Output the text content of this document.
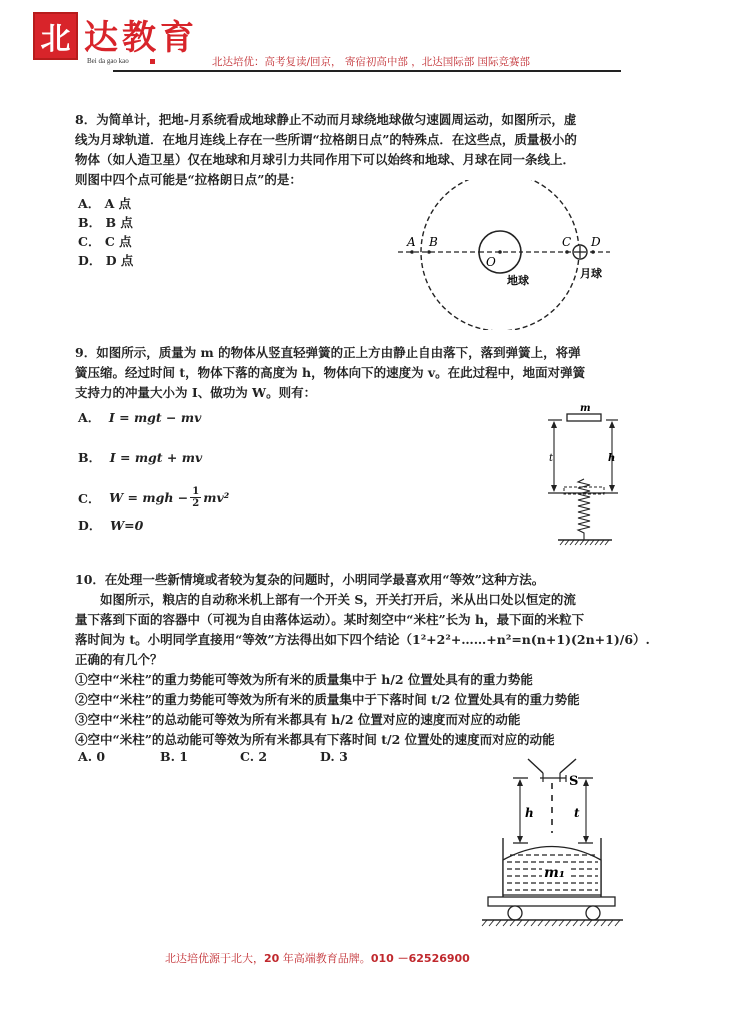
北 达教育
Bei da gao kao	北达培优：高考复读/回京， 寄宿初高中部 ，北达国际部 国际竞赛部
8．为简单计，把地-月系统看成地球静止不动而月球绕地球做匀速圆周运动，如图所示，虚
线为月球轨道．在地月连线上存在一些所谓“拉格朗日点”的特殊点．在这些点，质量极小的
物体（如人造卫星）仅在地球和月球引力共同作用下可以始终和地球、月球在同一条线上．
则图中四个点可能是“拉格朗日点”的是：
A． A 点
B． B 点
C． C 点
D． D 点
A B	C D
O
地球
月球
9．如图所示，质量为 m 的物体从竖直轻弹簧的正上方由静止自由落下，落到弹簧上，将弹
簧压缩。经过时间 t，物体下落的高度为 h，物体向下的速度为 v。在此过程中，地面对弹簧
支持力的冲量大小为 I、做功为 W。则有：
A． I = mgt − mv
B． I = mgt + mv
C．
W = mgh − $\frac{1}{2} mv^2$
D． W=0
m
t	h
10．在处理一些新情境或者较为复杂的问题时，小明同学最喜欢用“等效”这种方法。
　　如图所示，粮店的自动称米机上部有一个开关 S，开关打开后，米从出口处以恒定的流
量下落到下面的容器中（可视为自由落体运动）。某时刻空中“米柱”长为 h，最下面的米粒下
落时间为 t。小明同学直接用“等效”方法得出如下四个结论（1²+2²+……+n²=n(n+1)(2n+1)/6）.
正确的有几个？
①空中“米柱”的重力势能可等效为所有米的质量集中于 h/2 位置处具有的重力势能
②空中“米柱”的重力势能可等效为所有米的质量集中于下落时间 t/2 位置处具有的重力势能
③空中“米柱”的总动能可等效为所有米都具有 h/2 位置对应的速度而对应的动能
④空中“米柱”的总动能可等效为所有米都具有下落时间 t/2 位置处的速度而对应的动能
A. 0	B. 1	C. 2	D. 3
S
h	t
m₁
北达培优源于北大，20 年高端教育品牌。010 －62526900
